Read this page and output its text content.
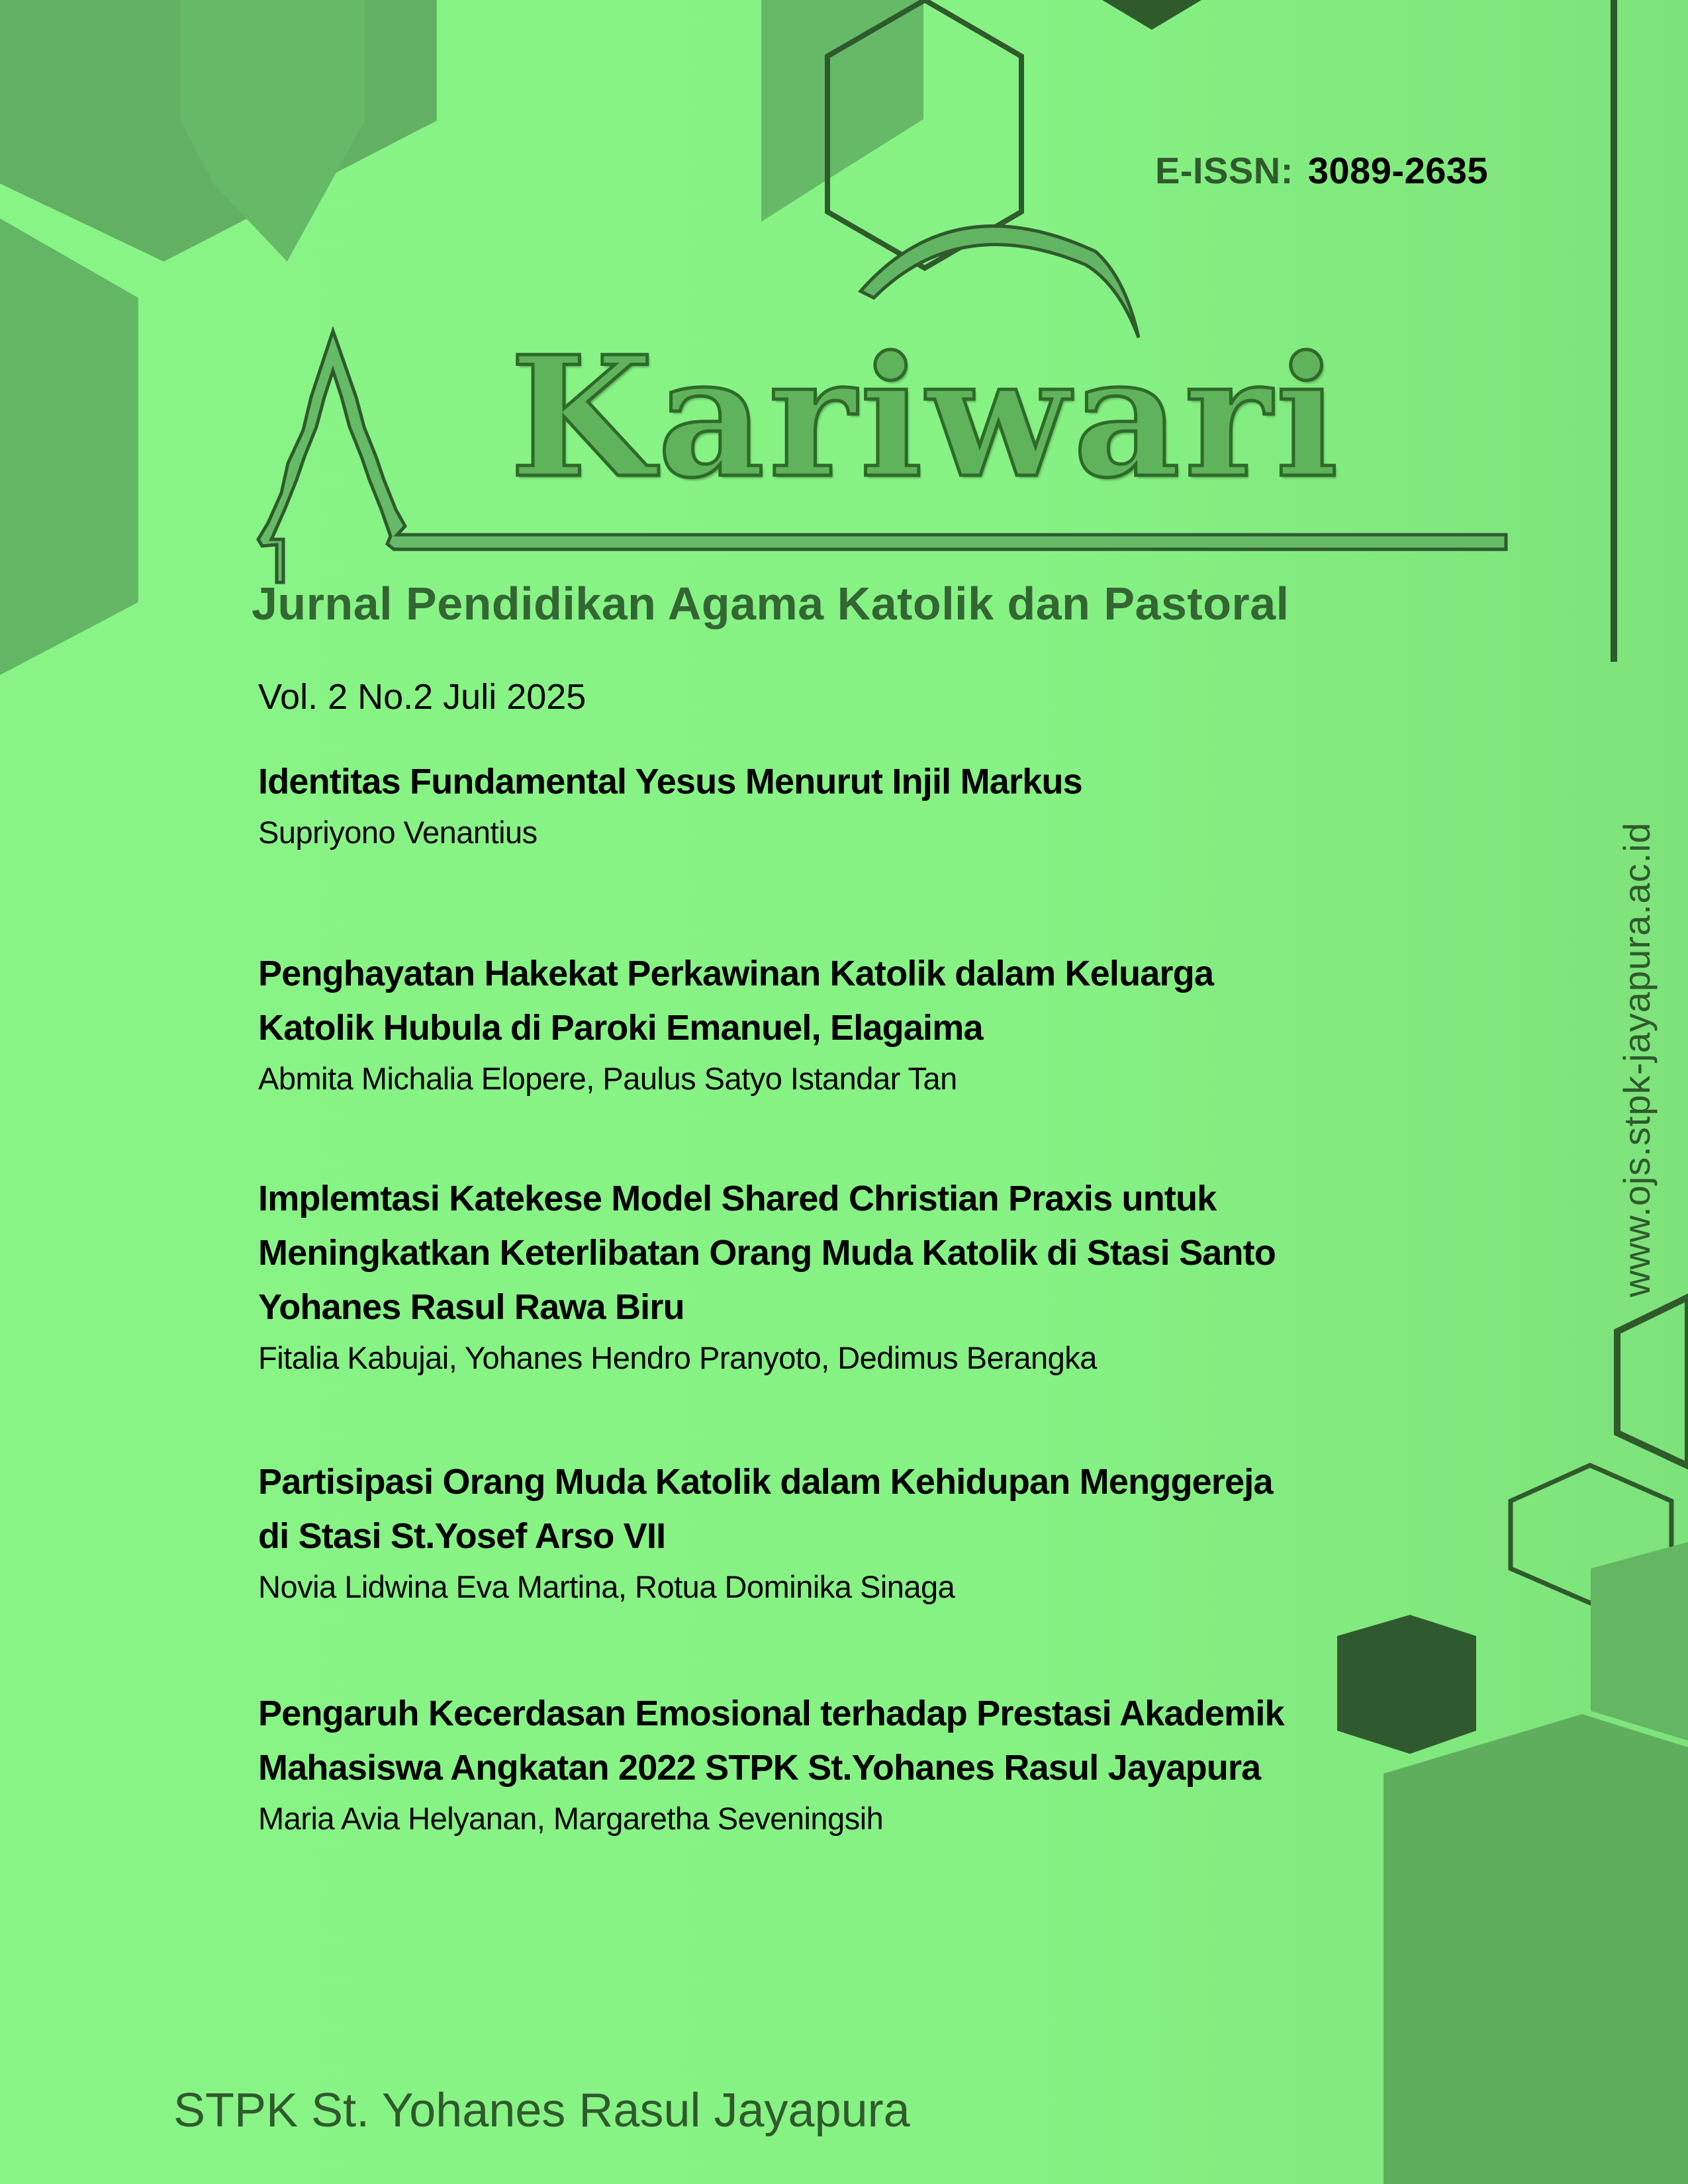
E-ISSN: 3089-2635
Kariwari
Jurnal Pendidikan Agama Katolik dan Pastoral
Vol. 2 No.2 Juli 2025
Identitas Fundamental Yesus Menurut Injil Markus
Supriyono Venantius
Penghayatan Hakekat Perkawinan Katolik dalam Keluarga
Katolik Hubula di Paroki Emanuel, Elagaima
Abmita Michalia Elopere, Paulus Satyo Istandar Tan
Implemtasi Katekese Model Shared Christian Praxis untuk
Meningkatkan Keterlibatan Orang Muda Katolik di Stasi Santo
Yohanes Rasul Rawa Biru
Fitalia Kabujai, Yohanes Hendro Pranyoto, Dedimus Berangka
Partisipasi Orang Muda Katolik dalam Kehidupan Menggereja
di Stasi St.Yosef Arso VII
Novia Lidwina Eva Martina, Rotua Dominika Sinaga
Pengaruh Kecerdasan Emosional terhadap Prestasi Akademik
Mahasiswa Angkatan 2022 STPK St.Yohanes Rasul Jayapura
Maria Avia Helyanan, Margaretha Seveningsih
www.ojs.stpk-jayapura.ac.id
STPK St. Yohanes Rasul Jayapura
